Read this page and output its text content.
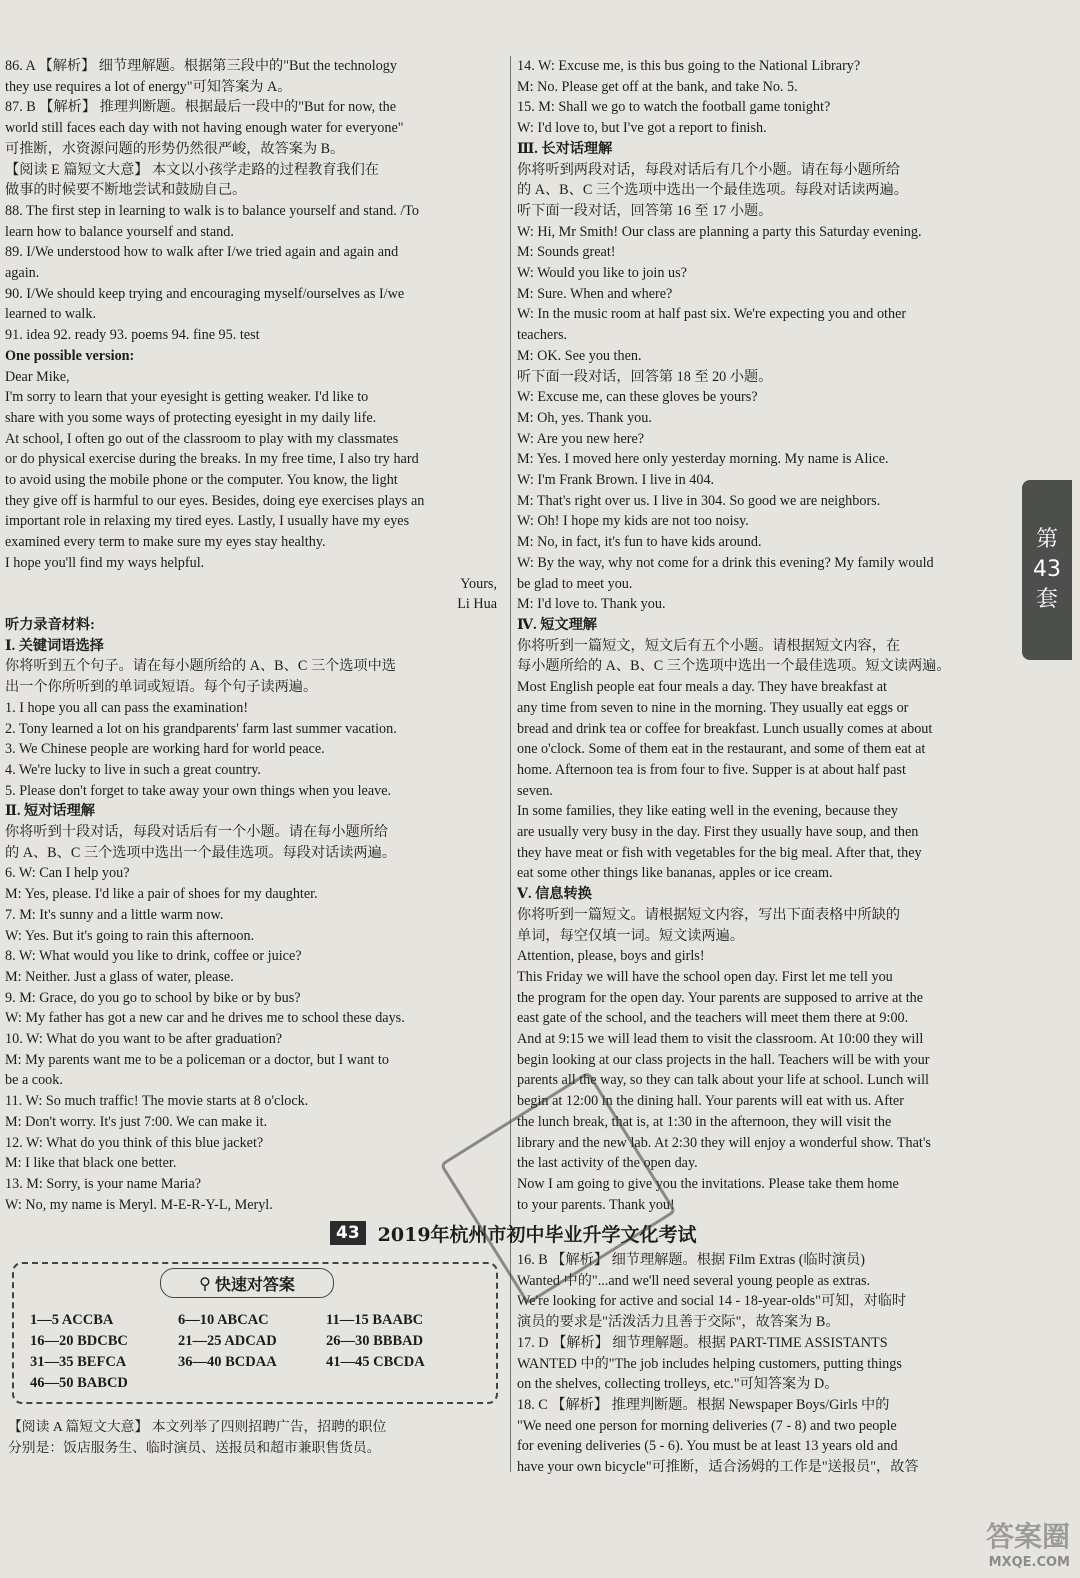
86. A 【解析】 细节理解题。根据第三段中的"But the technology
they use requires a lot of energy"可知答案为 A。
87. B 【解析】 推理判断题。根据最后一段中的"But for now, the
world still faces each day with not having enough water for everyone"
可推断，水资源问题的形势仍然很严峻，故答案为 B。
【阅读 E 篇短文大意】 本文以小孩学走路的过程教育我们在
做事的时候要不断地尝试和鼓励自己。
88. The first step in learning to walk is to balance yourself and stand. /To
learn how to balance yourself and stand.
89. I/We understood how to walk after I/we tried again and again and
again.
90. I/We should keep trying and encouraging myself/ourselves as I/we
learned to walk.
91. idea 92. ready 93. poems 94. fine 95. test
One possible version:
Dear Mike,
I'm sorry to learn that your eyesight is getting weaker. I'd like to
share with you some ways of protecting eyesight in my daily life.
At school, I often go out of the classroom to play with my classmates
or do physical exercise during the breaks. In my free time, I also try hard
to avoid using the mobile phone or the computer. You know, the light
they give off is harmful to our eyes. Besides, doing eye exercises plays an
important role in relaxing my tired eyes. Lastly, I usually have my eyes
examined every term to make sure my eyes stay healthy.
I hope you'll find my ways helpful.
Yours,
Li Hua
听力录音材料:
Ⅰ. 关键词语选择
你将听到五个句子。请在每小题所给的 A、B、C 三个选项中选
出一个你所听到的单词或短语。每个句子读两遍。
1. I hope you all can pass the examination!
2. Tony learned a lot on his grandparents' farm last summer vacation.
3. We Chinese people are working hard for world peace.
4. We're lucky to live in such a great country.
5. Please don't forget to take away your own things when you leave.
Ⅱ. 短对话理解
你将听到十段对话，每段对话后有一个小题。请在每小题所给
的 A、B、C 三个选项中选出一个最佳选项。每段对话读两遍。
6. W: Can I help you?
M: Yes, please. I'd like a pair of shoes for my daughter.
7. M: It's sunny and a little warm now.
W: Yes. But it's going to rain this afternoon.
8. W: What would you like to drink, coffee or juice?
M: Neither. Just a glass of water, please.
9. M: Grace, do you go to school by bike or by bus?
W: My father has got a new car and he drives me to school these days.
10. W: What do you want to be after graduation?
M: My parents want me to be a policeman or a doctor, but I want to
be a cook.
11. W: So much traffic! The movie starts at 8 o'clock.
M: Don't worry. It's just 7:00. We can make it.
12. W: What do you think of this blue jacket?
M: I like that black one better.
13. M: Sorry, is your name Maria?
W: No, my name is Meryl. M-E-R-Y-L, Meryl.
14. W: Excuse me, is this bus going to the National Library?
M: No. Please get off at the bank, and take No. 5.
15. M: Shall we go to watch the football game tonight?
W: I'd love to, but I've got a report to finish.
Ⅲ. 长对话理解
你将听到两段对话，每段对话后有几个小题。请在每小题所给
的 A、B、C 三个选项中选出一个最佳选项。每段对话读两遍。
听下面一段对话，回答第 16 至 17 小题。
W: Hi, Mr Smith! Our class are planning a party this Saturday evening.
M: Sounds great!
W: Would you like to join us?
M: Sure. When and where?
W: In the music room at half past six. We're expecting you and other
teachers.
M: OK. See you then.
听下面一段对话，回答第 18 至 20 小题。
W: Excuse me, can these gloves be yours?
M: Oh, yes. Thank you.
W: Are you new here?
M: Yes. I moved here only yesterday morning. My name is Alice.
W: I'm Frank Brown. I live in 404.
M: That's right over us. I live in 304. So good we are neighbors.
W: Oh! I hope my kids are not too noisy.
M: No, in fact, it's fun to have kids around.
W: By the way, why not come for a drink this evening? My family would
be glad to meet you.
M: I'd love to. Thank you.
Ⅳ. 短文理解
你将听到一篇短文，短文后有五个小题。请根据短文内容，在
每小题所给的 A、B、C 三个选项中选出一个最佳选项。短文读两遍。
Most English people eat four meals a day. They have breakfast at
any time from seven to nine in the morning. They usually eat eggs or
bread and drink tea or coffee for breakfast. Lunch usually comes at about
one o'clock. Some of them eat in the restaurant, and some of them eat at
home. Afternoon tea is from four to five. Supper is at about half past
seven.
In some families, they like eating well in the evening, because they
are usually very busy in the day. First they usually have soup, and then
they have meat or fish with vegetables for the big meal. After that, they
eat some other things like bananas, apples or ice cream.
Ⅴ. 信息转换
你将听到一篇短文。请根据短文内容，写出下面表格中所缺的
单词，每空仅填一词。短文读两遍。
Attention, please, boys and girls!
This Friday we will have the school open day. First let me tell you
the program for the open day. Your parents are supposed to arrive at the
east gate of the school, and the teachers will meet them there at 9:00.
And at 9:15 we will lead them to visit the classroom. At 10:00 they will
begin looking at our class projects in the hall. Teachers will be with your
parents all the way, so they can talk about your life at school. Lunch will
begin at 12:00 in the dining hall. Your parents will eat with us. After
the lunch break, that is, at 1:30 in the afternoon, they will visit the
library and the new lab. At 2:30 they will enjoy a wonderful show. That's
the last activity of the open day.
Now I am going to give you the invitations. Please take them home
to your parents. Thank you!
第
43
套
43 2019年杭州市初中毕业升学文化考试
⚲ 快速对答案
1—5 ACCBA	6—10 ABCAC	11—15 BAABC
16—20 BDCBC	21—25 ADCAD	26—30 BBBAD
31—35 BEFCA	36—40 BCDAA	41—45 CBCDA
46—50 BABCD
【阅读 A 篇短文大意】 本文列举了四则招聘广告，招聘的职位
分别是：饭店服务生、临时演员、送报员和超市兼职售货员。
16. B 【解析】 细节理解题。根据 Film Extras (临时演员)
Wanted 中的"...and we'll need several young people as extras.
We're looking for active and social 14 - 18-year-olds"可知，对临时
演员的要求是"活泼活力且善于交际"，故答案为 B。
17. D 【解析】 细节理解题。根据 PART-TIME ASSISTANTS
WANTED 中的"The job includes helping customers, putting things
on the shelves, collecting trolleys, etc."可知答案为 D。
18. C 【解析】 推理判断题。根据 Newspaper Boys/Girls 中的
"We need one person for morning deliveries (7 - 8) and two people
for evening deliveries (5 - 6). You must be at least 13 years old and
have your own bicycle"可推断，适合汤姆的工作是"送报员"，故答
答案圈
MXQE.COM
